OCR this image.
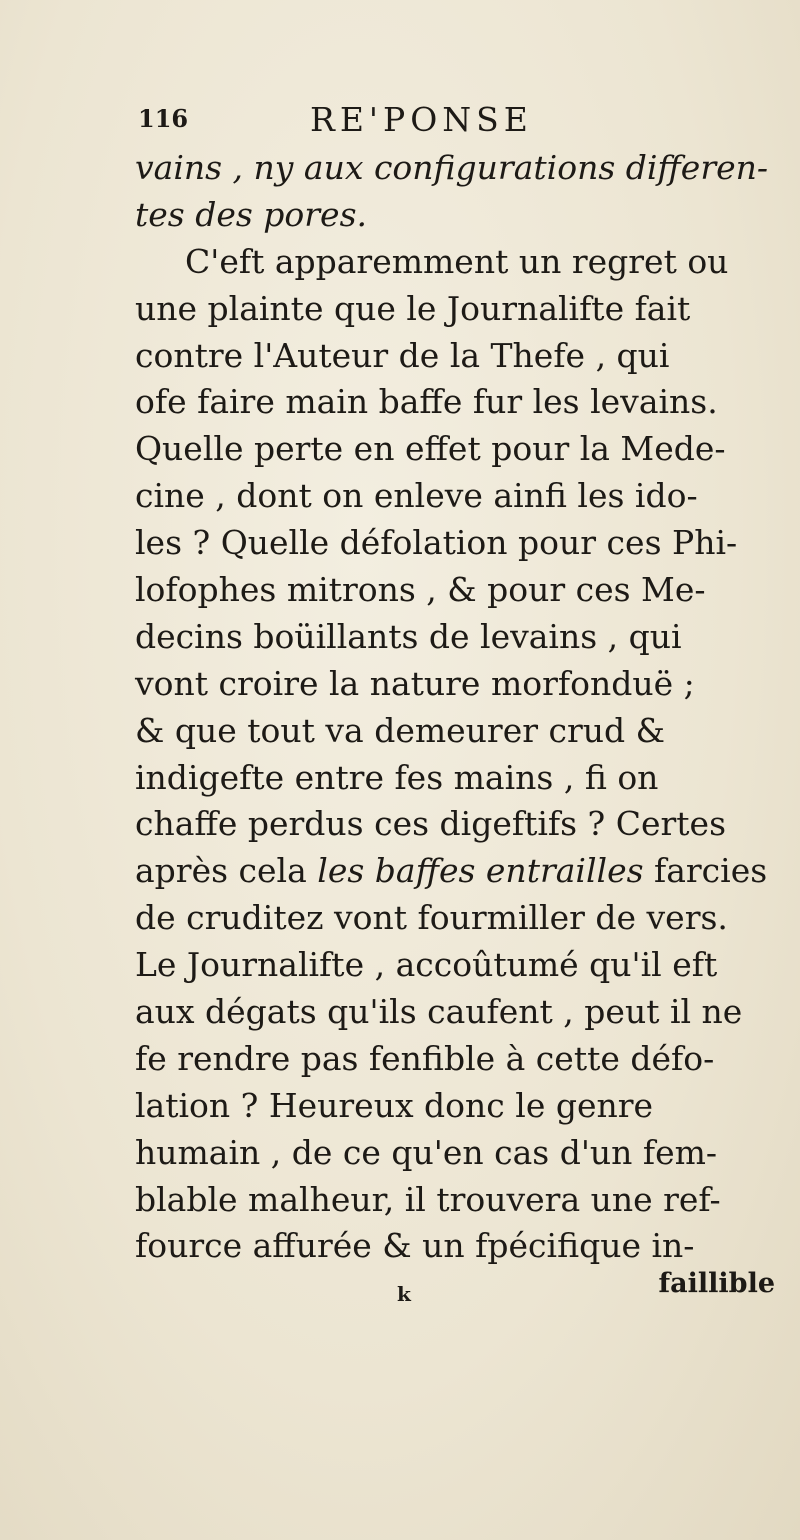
116	RE'PONSE
vains , ny aux configurations differen-
tes des pores.
C'eft apparemment un regret ou
une plainte que le Journalifte fait
contre l'Auteur de la Thefe , qui
ofe faire main baffe fur les levains.
Quelle perte en effet pour la Mede-
cine , dont on enleve ainfi les ido-
les ? Quelle défolation pour ces Phi-
lofophes mitrons , & pour ces Me-
decins boüillants de levains , qui
vont croire la nature morfonduë ;
& que tout va demeurer crud &
indigefte entre fes mains , fi on
chaffe perdus ces digeftifs ? Certes
après cela les baffes entrailles farcies
de cruditez vont fourmiller de vers.
Le Journalifte , accoûtumé qu'il eft
aux dégats qu'ils caufent , peut il ne
fe rendre pas fenfible à cette défo-
lation ? Heureux donc le genre
humain , de ce qu'en cas d'un fem-
blable malheur, il trouvera une ref-
fource affurée & un fpécifique in-
k	faillible
